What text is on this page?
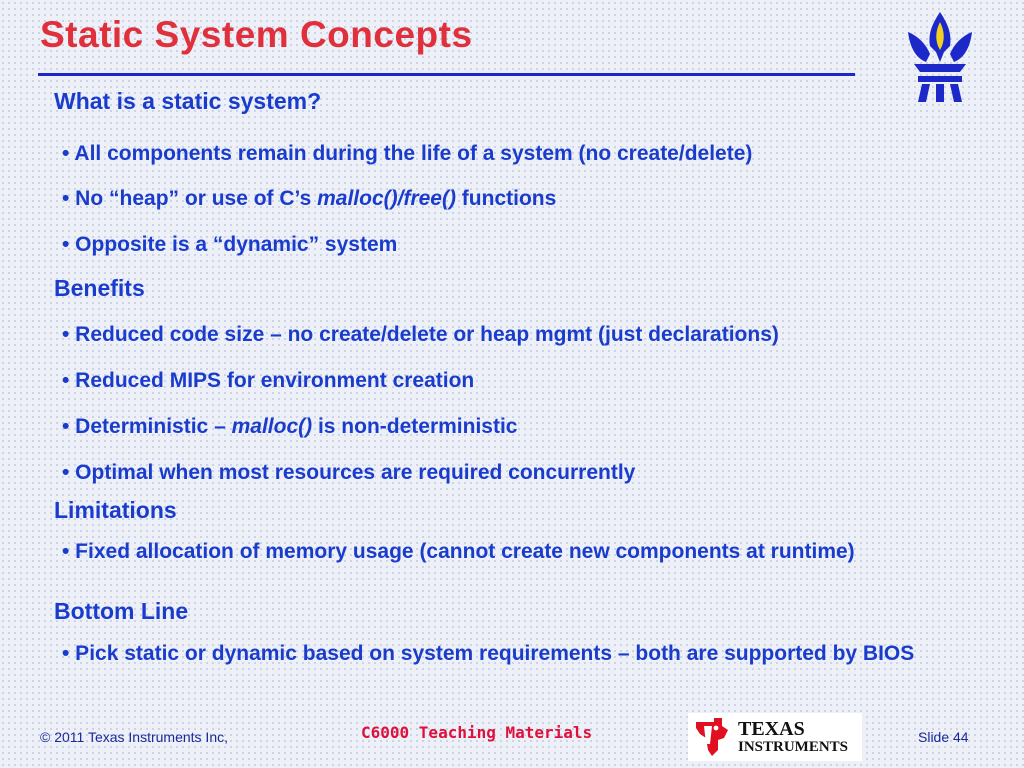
Static System Concepts
What is a static system?
• All components remain during the life of a system (no create/delete)
• No “heap” or use of C’s malloc()/free() functions
• Opposite is a “dynamic” system
Benefits
• Reduced code size – no create/delete or heap mgmt (just declarations)
• Reduced MIPS for environment creation
• Deterministic – malloc() is non-deterministic
• Optimal when most resources are required concurrently
Limitations
• Fixed allocation of memory usage (cannot create new components at runtime)
Bottom Line
• Pick static or dynamic based on system requirements – both are supported by BIOS
© 2011 Texas Instruments Inc,	C6000 Teaching Materials	TEXAS
INSTRUMENTS
Slide 44
